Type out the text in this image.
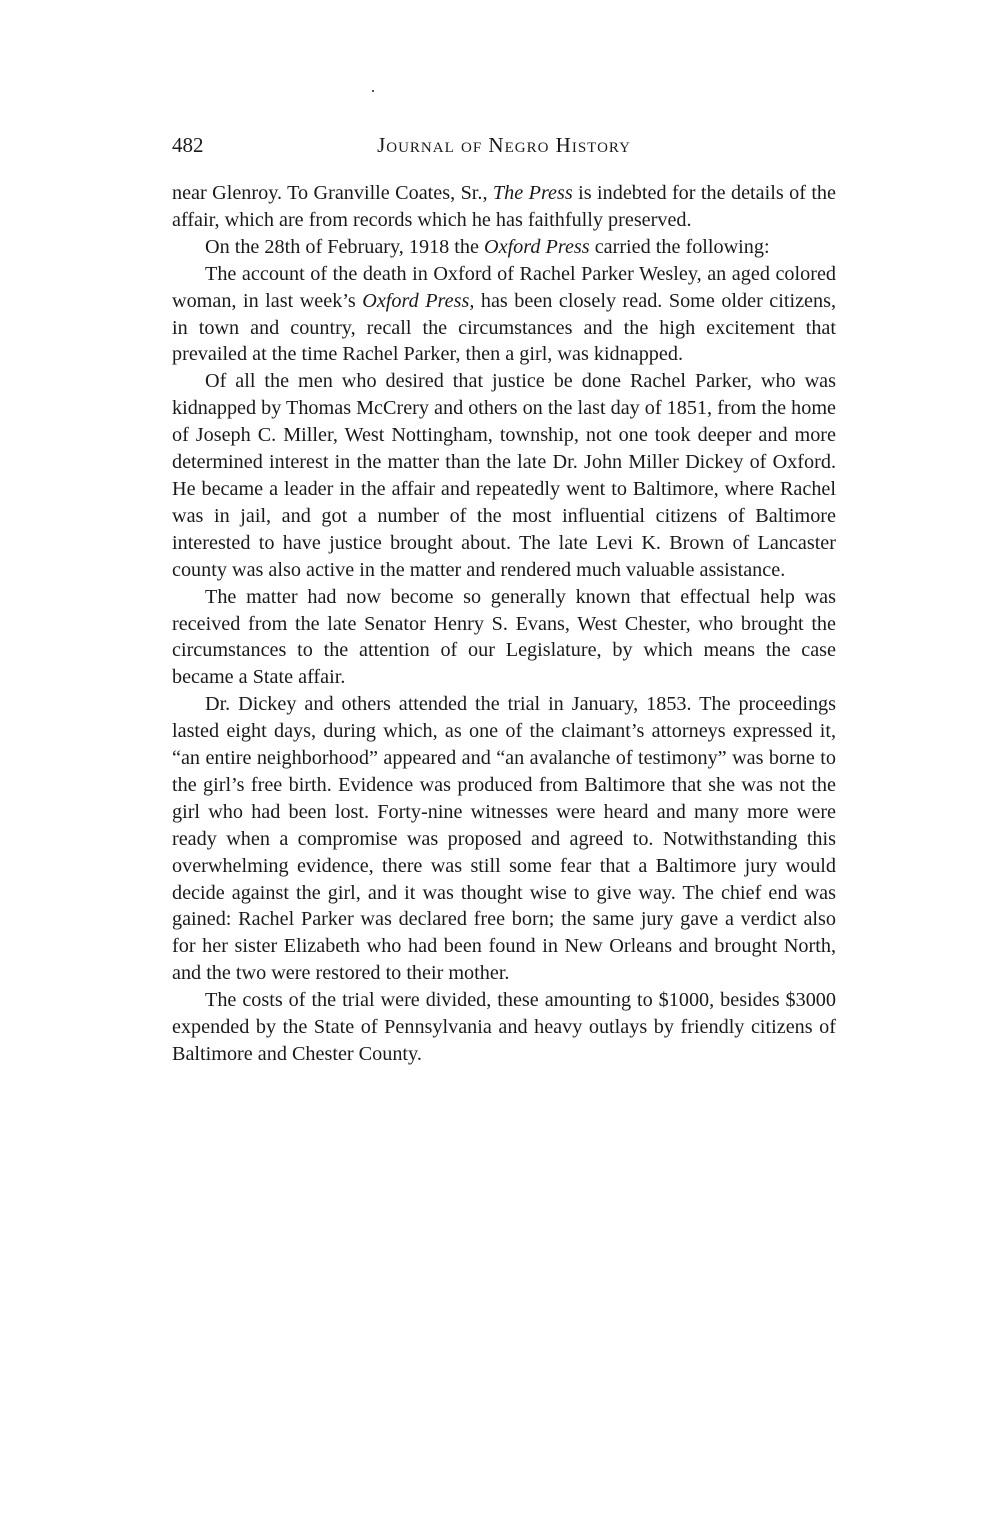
482	Journal of Negro History

near Glenroy. To Granville Coates, Sr., The Press is indebted for the details of the affair, which are from records which he has faithfully preserved.

On the 28th of February, 1918 the Oxford Press carried the following:

The account of the death in Oxford of Rachel Parker Wesley, an aged colored woman, in last week’s Oxford Press, has been closely read. Some older citizens, in town and country, recall the circumstances and the high excitement that prevailed at the time Rachel Parker, then a girl, was kidnapped.

Of all the men who desired that justice be done Rachel Parker, who was kidnapped by Thomas McCrery and others on the last day of 1851, from the home of Joseph C. Miller, West Nottingham, township, not one took deeper and more determined interest in the matter than the late Dr. John Miller Dickey of Oxford. He became a leader in the affair and repeatedly went to Baltimore, where Rachel was in jail, and got a number of the most influential citizens of Baltimore interested to have justice brought about. The late Levi K. Brown of Lancaster county was also active in the matter and rendered much valuable assistance.

The matter had now become so generally known that effectual help was received from the late Senator Henry S. Evans, West Chester, who brought the circumstances to the attention of our Legislature, by which means the case became a State affair.

Dr. Dickey and others attended the trial in January, 1853. The proceedings lasted eight days, during which, as one of the claimant’s attorneys expressed it, “an entire neighborhood” appeared and “an avalanche of testimony” was borne to the girl’s free birth. Evidence was produced from Baltimore that she was not the girl who had been lost. Forty-nine witnesses were heard and many more were ready when a compromise was proposed and agreed to. Notwithstanding this overwhelming evidence, there was still some fear that a Baltimore jury would decide against the girl, and it was thought wise to give way. The chief end was gained: Rachel Parker was declared free born; the same jury gave a verdict also for her sister Elizabeth who had been found in New Orleans and brought North, and the two were restored to their mother.

The costs of the trial were divided, these amounting to $1000, besides $3000 expended by the State of Pennsylvania and heavy outlays by friendly citizens of Baltimore and Chester County.
